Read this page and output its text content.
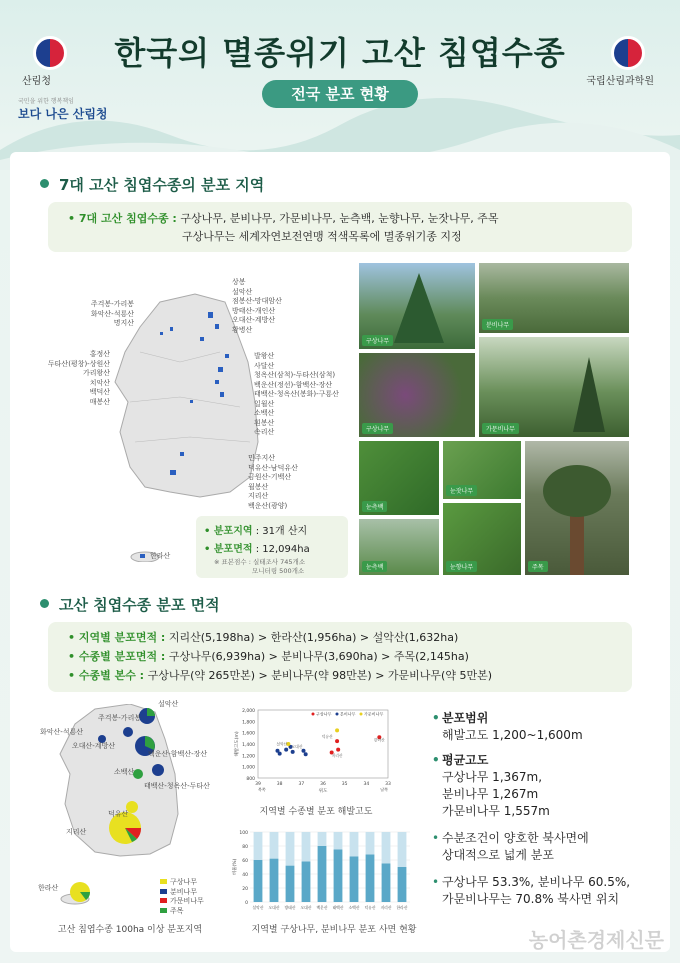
산림청
국민을 위한 행복책임
보다 나은 산림청
국립산림과학원
한국의 멸종위기 고산 침엽수종
전국 분포 현황
7대 고산 침엽수종의 분포 지역
• 7대 고산 침엽수종 : 구상나무, 분비나무, 가문비나무, 눈측백, 눈향나무, 눈잣나무, 주목
구상나무는 세계자연보전연맹 적색목록에 멸종위기종 지정
주걱봉-가리봉
화악산-석룡산
명지산
홍정산
두타산(평창)-상원산
가리왕산
치악산
백덕산
매봉산
상봉
설악산
점봉산-망대암산
방태산-개인산
오대산-계방산
황병산
발왕산
사달산
청옥산(삼척)-두타산(삼척)
백운산(정선)-함백산-장산
태백산-청옥산(봉화)-구룡산
일월산
소백산
흰봉산
속리산
민주지산
덕유산-남덕유산
금원산-기백산
월봉산
지리산
백운산(광양)
한라산
• 분포지역 : 31개 산지
• 분포면적 : 12,094ha
※ 표본점수 : 실태조사 745개소
모니터링 500개소
구상나무
분비나무
구상나무	가문비나무
눈측백
눈잣나무
주목
눈측백	눈향나무
고산 침엽수종 분포 면적
• 지역별 분포면적 : 지리산(5,198ha) > 한라산(1,956ha) > 설악산(1,632ha)
• 수종별 분포면적 : 구상나무(6,939ha) > 분비나무(3,690ha) > 주목(2,145ha)
• 수종별 본수 : 구상나무(약 265만본) > 분비나무(약 98만본) > 가문비나무(약 5만본)
설악산
주걱봉-가리봉
화악산-석룡산
오대산-계방산
백운산-함백산-장산
소백산
태백산-청옥산-두타산
덕유산
지리산
한라산
구상나무
분비나무
가문비나무
주목
고산 침엽수종 100ha 이상 분포지역
2,000
1,800
1,600
1,400
1,200
1,000
800
39	38	37	36	35	34	33
북쪽	남쪽
위도
해발고도(m)
구상나무 분비나무 가문비나무
설악산 오대산
지리산
한라산
덕유산
지역별 수종별 분포 해발고도
비율(%)
100
80
60
40
20
0
설악산 오대산 방태산 오대산 백운산 태백산 소백산 덕유산 지리산 한라산
지역별 구상나무, 분비나무 분포 사면 현황
• 분포범위
해발고도 1,200~1,600m
• 평균고도
구상나무 1,367m,
분비나무 1,267m
가문비나무 1,557m
• 수분조건이 양호한 북사면에
상대적으로 넓게 분포
• 구상나무 53.3%, 분비나무 60.5%,
가문비나무는 70.8% 북사면 위치
농어촌경제신문
